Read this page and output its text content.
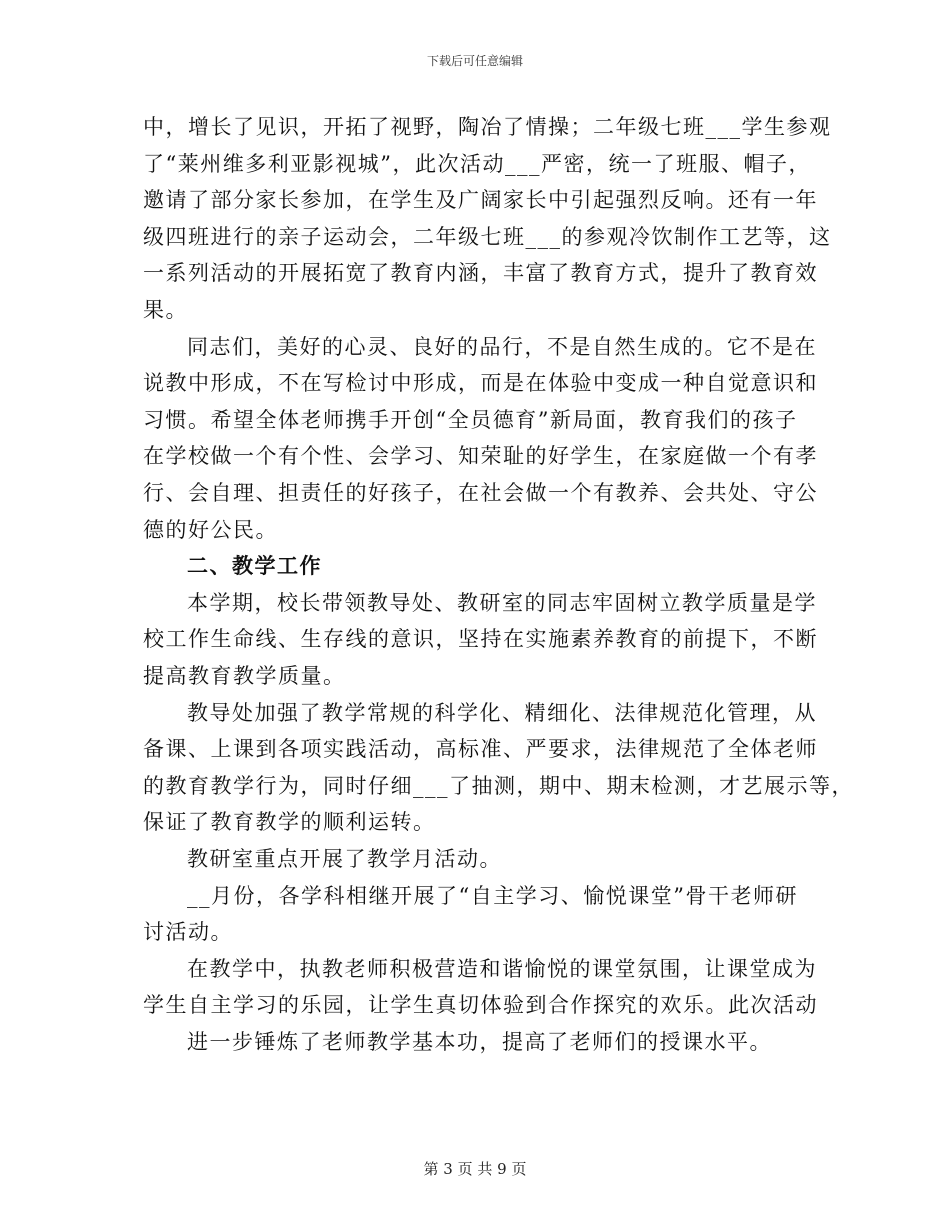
下载后可任意编辑
中，增长了见识，开拓了视野，陶冶了情操；二年级七班___学生参观
了“莱州维多利亚影视城”，此次活动___严密，统一了班服、帽子，
邀请了部分家长参加，在学生及广阔家长中引起强烈反响。还有一年
级四班进行的亲子运动会，二年级七班___的参观冷饮制作工艺等，这
一系列活动的开展拓宽了教育内涵，丰富了教育方式，提升了教育效
果。
同志们，美好的心灵、良好的品行，不是自然生成的。它不是在
说教中形成，不在写检讨中形成，而是在体验中变成一种自觉意识和
习惯。希望全体老师携手开创“全员德育”新局面，教育我们的孩子
在学校做一个有个性、会学习、知荣耻的好学生，在家庭做一个有孝
行、会自理、担责任的好孩子，在社会做一个有教养、会共处、守公
德的好公民。
二、教学工作
本学期，校长带领教导处、教研室的同志牢固树立教学质量是学
校工作生命线、生存线的意识，坚持在实施素养教育的前提下，不断
提高教育教学质量。
教导处加强了教学常规的科学化、精细化、法律规范化管理，从
备课、上课到各项实践活动，高标准、严要求，法律规范了全体老师
的教育教学行为，同时仔细___了抽测，期中、期末检测，才艺展示等，
保证了教育教学的顺利运转。
教研室重点开展了教学月活动。
__月份，各学科相继开展了“自主学习、愉悦课堂”骨干老师研
讨活动。
在教学中，执教老师积极营造和谐愉悦的课堂氛围，让课堂成为
学生自主学习的乐园，让学生真切体验到合作探究的欢乐。此次活动
进一步锤炼了老师教学基本功，提高了老师们的授课水平。
第 3 页 共 9 页
